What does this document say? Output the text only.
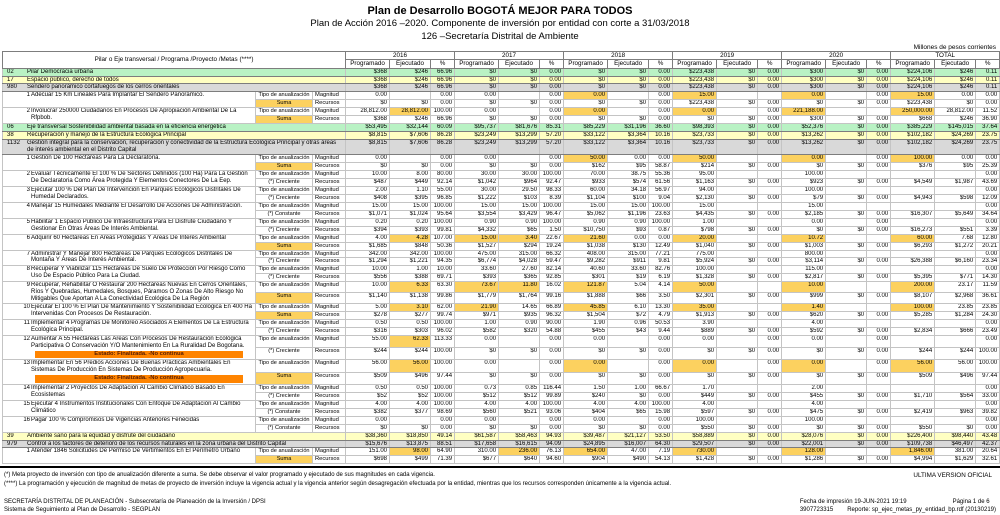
Plan de Desarrollo BOGOTÁ MEJOR PARA TODOS
Plan de Acción 2016 –2020. Componente de inversión por entidad con corte a 31/03/2018
126 –Secretaría Distrital de Ambiente
Millones de pesos corrientes
Pilar o Eje transversal / Programa /Proyecto /Metas (****)			2016			2017			2018			2019			2020			TOTAL		
			Programado	Ejecutado	%	Programado	Ejecutado	%	Programado	Ejecutado	%	Programado	Ejecutado	%	Programado	Ejecutado	%	Programado	Ejecutado	%
02 Pilar Democracia urbana			$368	$246	66.96	$0	$0	0.00	$0	$0	0.00	$223,438	$0	0.00	$300	$0	0.00	$224,106	$246	0.11
17 Espacio público, derecho de todos			$368	$246	66.96	$0	$0	0.00	$0	$0	0.00	$223,438	$0	0.00	$300	$0	0.00	$224,106	$246	0.11
980 Sendero panorámico cortafuegos de los cerros orientales			$368	$246	66.96	$0	$0	0.00	$0	$0	0.00	$223,438	$0	0.00	$300	$0	0.00	$224,106	$246	0.11
1Adecuar 15 Km Lineales Para Implantar El Sendero Panorámico.	Tipo de anualización	Magnitud	0.00		0.00	0.00		0.00	0.00		0.00	15.00			0.00		0.00	15.00	0.00	0.00
	Suma	Recursos	$0	$0	0.00	$0	$0	0.00	$0	$0	0.00	$223,438	$0	0.00	$0	$0	0.00	$223,438	$0	0.00
2Involucrar 250000 Ciudadanos En Procesos De Apropiación Ambiental De La Rfpbob.	Tipo de anualización	Magnitud	28,812.00	28,812.00	100.00	0.00		0.00	0.00		0.00	0.00		0.00	221,188.00			250,000.00	28,812.00	11.52
	Suma	Recursos	$368	$246	66.96	$0	$0	0.00	$0	$0	0.00	$0	$0	0.00	$300	$0	0.00	$668	$246	36.90
06 Eje transversal Sostenibilidad ambiental basada en la eficiencia energética			$53,495	$32,144	60.09	$95,737	$81,676	85.31	$85,229	$31,196	36.60	$98,393	$0	0.00	$52,376	$0	0.00	$385,229	$145,015	37.64
38 Recuperación y manejo de la Estructura Ecológica Principal			$8,815	$7,606	86.28	$23,249	$13,299	57.20	$33,122	$3,364	10.16	$23,733	$0	0.00	$13,262	$0	0.00	$102,182	$24,269	23.75
1132 Gestión integral para la conservación, recuperación y conectividad de la Estructura Ecológica Principal y otras áreas de interés ambiental en el Distrito Capital			$8,815	$7,606	86.28	$23,249	$13,299	57.20	$33,122	$3,364	10.16	$23,733	$0	0.00	$13,262	$0	0.00	$102,182	$24,269	23.75
1Gestión De 100 Hectáreas Para La Declaratoria.	Tipo de anualización	Magnitud	0.00		0.00	0.00		0.00	50.00	0.00	0.00	50.00			0.00		0.00	100.00	0.00	0.00
	Suma	Recursos	$0	$0	0.00	$0	$0	0.00	$162	$95	58.87	$214	$0	0.00	$0	$0	0.00	$376	$95	25.39
2Evaluar Técnicamente El 100 % De Sectores Definidos (100 Ha) Para La Gestión De Declaratoria Como Área Protegida Y Elementos Conectores De La Eep.	Tipo de anualización	Magnitud	10.00	8.00	80.00	30.00	30.00	100.00	70.00	38.75	55.36	95.00			100.00					0.00
	(*) Creciente	Recursos	$487	$449	92.14	$1,042	$964	92.47	$933	$574	61.56	$1,163	$0	0.00	$923	$0	0.00	$4,549	$1,987	43.69
3Ejecutar 100 % Del Plan De Intervención En Parques Ecológicos Distritales De Humedal Declarados.	Tipo de anualización	Magnitud	2.00	1.10	55.00	30.00	29.50	98.33	60.00	34.18	56.97	94.00			100.00					0.00
	(*) Creciente	Recursos	$408	$395	96.85	$1,222	$103	8.39	$1,104	$100	9.04	$2,130	$0	0.00	$79	$0	0.00	$4,943	$598	12.09
4Manejar 15 Humedales Mediante El Desarrollo De Acciones De Administración.	Tipo de anualización	Magnitud	15.00	15.00	100.00	15.00	15.00	100.00	15.00	15.00	100.00	15.00			15.00					0.00
	(*) Constante	Recursos	$1,071	$1,024	95.64	$3,554	$3,429	96.47	$5,062	$1,196	23.63	$4,435	$0	0.00	$2,185	$0	0.00	$16,307	$5,649	34.64
5Habilitar 1 Espacio Público De Infraestructura Para El Disfrute Ciudadano Y Gestionar En Otras Áreas De Interés Ambiental.	Tipo de anualización	Magnitud	0.20	0.20	100.00	0.90	0.90	100.00	0.90	0.90	100.00	1.00			0.00		0.00			0.00
	(*) Creciente	Recursos	$394	$393	99.81	$4,332	$65	1.50	$10,750	$93	0.87	$798	$0	0.00	$0	$0	0.00	$16,273	$551	3.39
6Adquirir 60 Hectáreas En Áreas Protegidas Y Áreas De Interés Ambiental	Tipo de anualización	Magnitud	4.00	4.28	107.00	15.00	3.40	22.67	21.60	0.00	0.00	20.00			10.72			60.00	7.68	12.80
	Suma	Recursos	$1,685	$848	50.36	$1,527	$294	19.24	$1,038	$130	12.49	$1,040	$0	0.00	$1,003	$0	0.00	$6,293	$1,272	20.21
7Administrar Y Manejar 800 Hectáreas De Parques Ecológicos Distritales De Montaña Y Áreas De Interés Ambiental.	Tipo de anualización	Magnitud	342.00	342.00	100.00	475.00	315.00	66.32	408.00	315.00	77.21	775.00			800.00					0.00
	(*) Creciente	Recursos	$1,294	$1,221	94.35	$6,774	$4,028	59.47	$9,282	$911	9.81	$5,924	$0	0.00	$3,114	$0	0.00	$26,388	$6,160	23.34
8Recuperar Y Viabilizar 115 Hectáreas De Suelo De Protección Por Riesgo Como Uso De Espacio Público Para La Ciudad.	Tipo de anualización	Magnitud	10.00	1.00	10.00	33.60	27.60	82.14	40.60	33.60	82.76	100.00			115.00					0.00
	(*) Creciente	Recursos	$556	$388	69.71	$393	$365	92.85	$301	$19	6.19	$1,328	$0	0.00	$2,817	$0	0.00	$5,395	$771	14.30
9Recuperar, Rehabilitar O Restaurar 200 Hectáreas Nuevas En Cerros Orientales, Ríos Y Quebradas, Humedales, Bosques, Páramos O Zonas De Alto Riesgo No Mitigables Que Aportan A La Conectividad Ecológica De La Región	Tipo de anualización	Magnitud	10.00	6.33	63.30	73.67	11.80	16.02	121.87	5.04	4.14	50.00			10.00			200.00	23.17	11.59
	Suma	Recursos	$1,140	$1,138	99.86	$1,779	$1,764	99.16	$1,888	$66	3.50	$2,301	$0	0.00	$999	$0	0.00	$8,107	$2,968	36.61
10Ejecutar El 100 % El Plan De Mantenimiento Y Sostenibilidad Ecológica En 400 Ha Intervenidas Con Procesos De Restauración.	Tipo de anualización	Magnitud	5.00	3.10	62.00	21.90	14.65	66.89	45.85	6.10	13.30	35.00			1.40			100.00	23.85	23.85
	Suma	Recursos	$278	$277	99.74	$971	$935	96.32	$1,504	$72	4.79	$1,913	$0	0.00	$620	$0	0.00	$5,285	$1,284	24.30
11Implementar 4 Programas De Monitoreo Asociados A Elementos De La Estructura Ecológica Principal.	Tipo de anualización	Magnitud	0.50	0.50	100.00	1.00	0.90	90.00	1.90	0.96	50.53	3.90			4.00					0.00
	(*) Creciente	Recursos	$316	$303	96.02	$582	$320	54.88	$455	$43	9.44	$889	$0	0.00	$592	$0	0.00	$2,834	$666	23.49
12Aumentar A 55 Hectáreas Las Áreas Con Procesos De Restauración Ecológica Participativa O Conservación Y/O Mantenimiento En La Ruralidad De Bogotana.
Estado: Finalizada. -No continua	Tipo de anualización	Magnitud	55.00	62.33	113.33	0.00		0.00	0.00		0.00	0.00		0.00	0.00		0.00			0.00
	(*) Creciente	Recursos	$244	$244	100.00	$0	$0	0.00	$0	$0	0.00	$0	$0	0.00	$0	$0	0.00	$244	$244	100.00
13Implementar En 56 Predios Acciones De Buenas Prácticas Ambientales En Sistemas De Producción En Sistemas De Producción Agropecuaria.
Estado: Finalizada. -No continua	Tipo de anualización	Magnitud	56.00	56.00	100.00	0.00		0.00	0.00		0.00	0.00		0.00	0.00		0.00	56.00	56.00	100.00
	Suma	Recursos	$509	$496	97.44	$0	$0	0.00	$0	$0	0.00	$0	$0	0.00	$0	$0	0.00	$509	$496	97.44
14Implementar 2 Proyectos De Adaptación Al Cambio Climático Basado En Ecosistemas	Tipo de anualización	Magnitud	0.50	0.50	100.00	0.73	0.85	116.44	1.50	1.00	66.67	1.70			2.00					0.00
	(*) Creciente	Recursos	$52	$52	100.00	$512	$512	99.89	$240	$0	0.00	$449	$0	0.00	$455	$0	0.00	$1,710	$564	33.00
15Ejecutar 4 Instrumentos Institucionales Con Enfoque De Adaptación Al Cambio Climático	Tipo de anualización	Magnitud	4.00	4.00	100.00	4.00	4.00	100.00	4.00	4.00	100.00	4.00			4.00					0.00
	(*) Constante	Recursos	$382	$377	98.69	$560	$521	93.06	$404	$65	15.98	$597	$0	0.00	$475	$0	0.00	$2,419	$963	39.82
16Pagar 100 % Compromisos De Vigencias Anteriores Fenecidas	Tipo de anualización	Magnitud	0.00		0.00	0.00		0.00	0.00		0.00	100.00			100.00					0.00
	(*) Constante	Recursos	$0	$0	0.00	$0	$0	0.00	$0	$0	0.00	$550	$0	0.00	$0	$0	0.00	$550	$0	0.00
39 Ambiente sano para la equidad y disfrute del ciudadano			$38,360	$18,850	49.14	$61,587	$58,463	94.93	$39,487	$21,127	53.50	$58,889	$0	0.00	$28,076	$0	0.00	$226,400	$98,440	43.48
979 Control a los factores de deterioro de los recursos naturales en la zona urbana del Distrito Capital			$15,676	$13,875	88.51	$17,658	$16,615	94.09	$24,895	$16,007	64.30	$29,507	$0	0.00	$22,001	$0	0.00	$109,738	$46,497	42.37
1Atender 1846 Solicitudes De Permiso De Vertimientos En El Perímetro Urbano	Tipo de anualización	Magnitud	151.00	98.00	64.90	310.00	236.00	76.13	654.00	47.00	7.19	730.00			128.00			1,846.00	381.00	20.64
	Suma	Recursos	$698	$499	71.39	$677	$640	94.60	$904	$490	54.13	$1,428	$0	0.00	$1,286	$0	0.00	$4,994	$1,629	32.61
ULTIMA VERSION OFICIAL
(*) Meta proyecto de inversión con tipo de anualización diferente a suma. Se debe observar el valor programado y ejecutado de sus magnitudes en cada vigencia.
(****) La programación y ejecución de magnitud de metas de proyecto de inversión incluye la vigencia actual y la vigencia anterior según desagregación efectuada por la entidad, mientras que los recursos corresponden únicamente a la vigencia actual.
SECRETARÍA DISTRITAL DE PLANEACIÓN - Subsecretaría de Planeación de la Inversión / DPSI
Sistema de Seguimiento al Plan de Desarrollo - SEGPLAN
Fecha de impresión 19-JUN-2021 19:19	Página 1 de 6
3907723315 Reporte: sp_ejec_metas_py_entidad_bp.rdf (20130219)
